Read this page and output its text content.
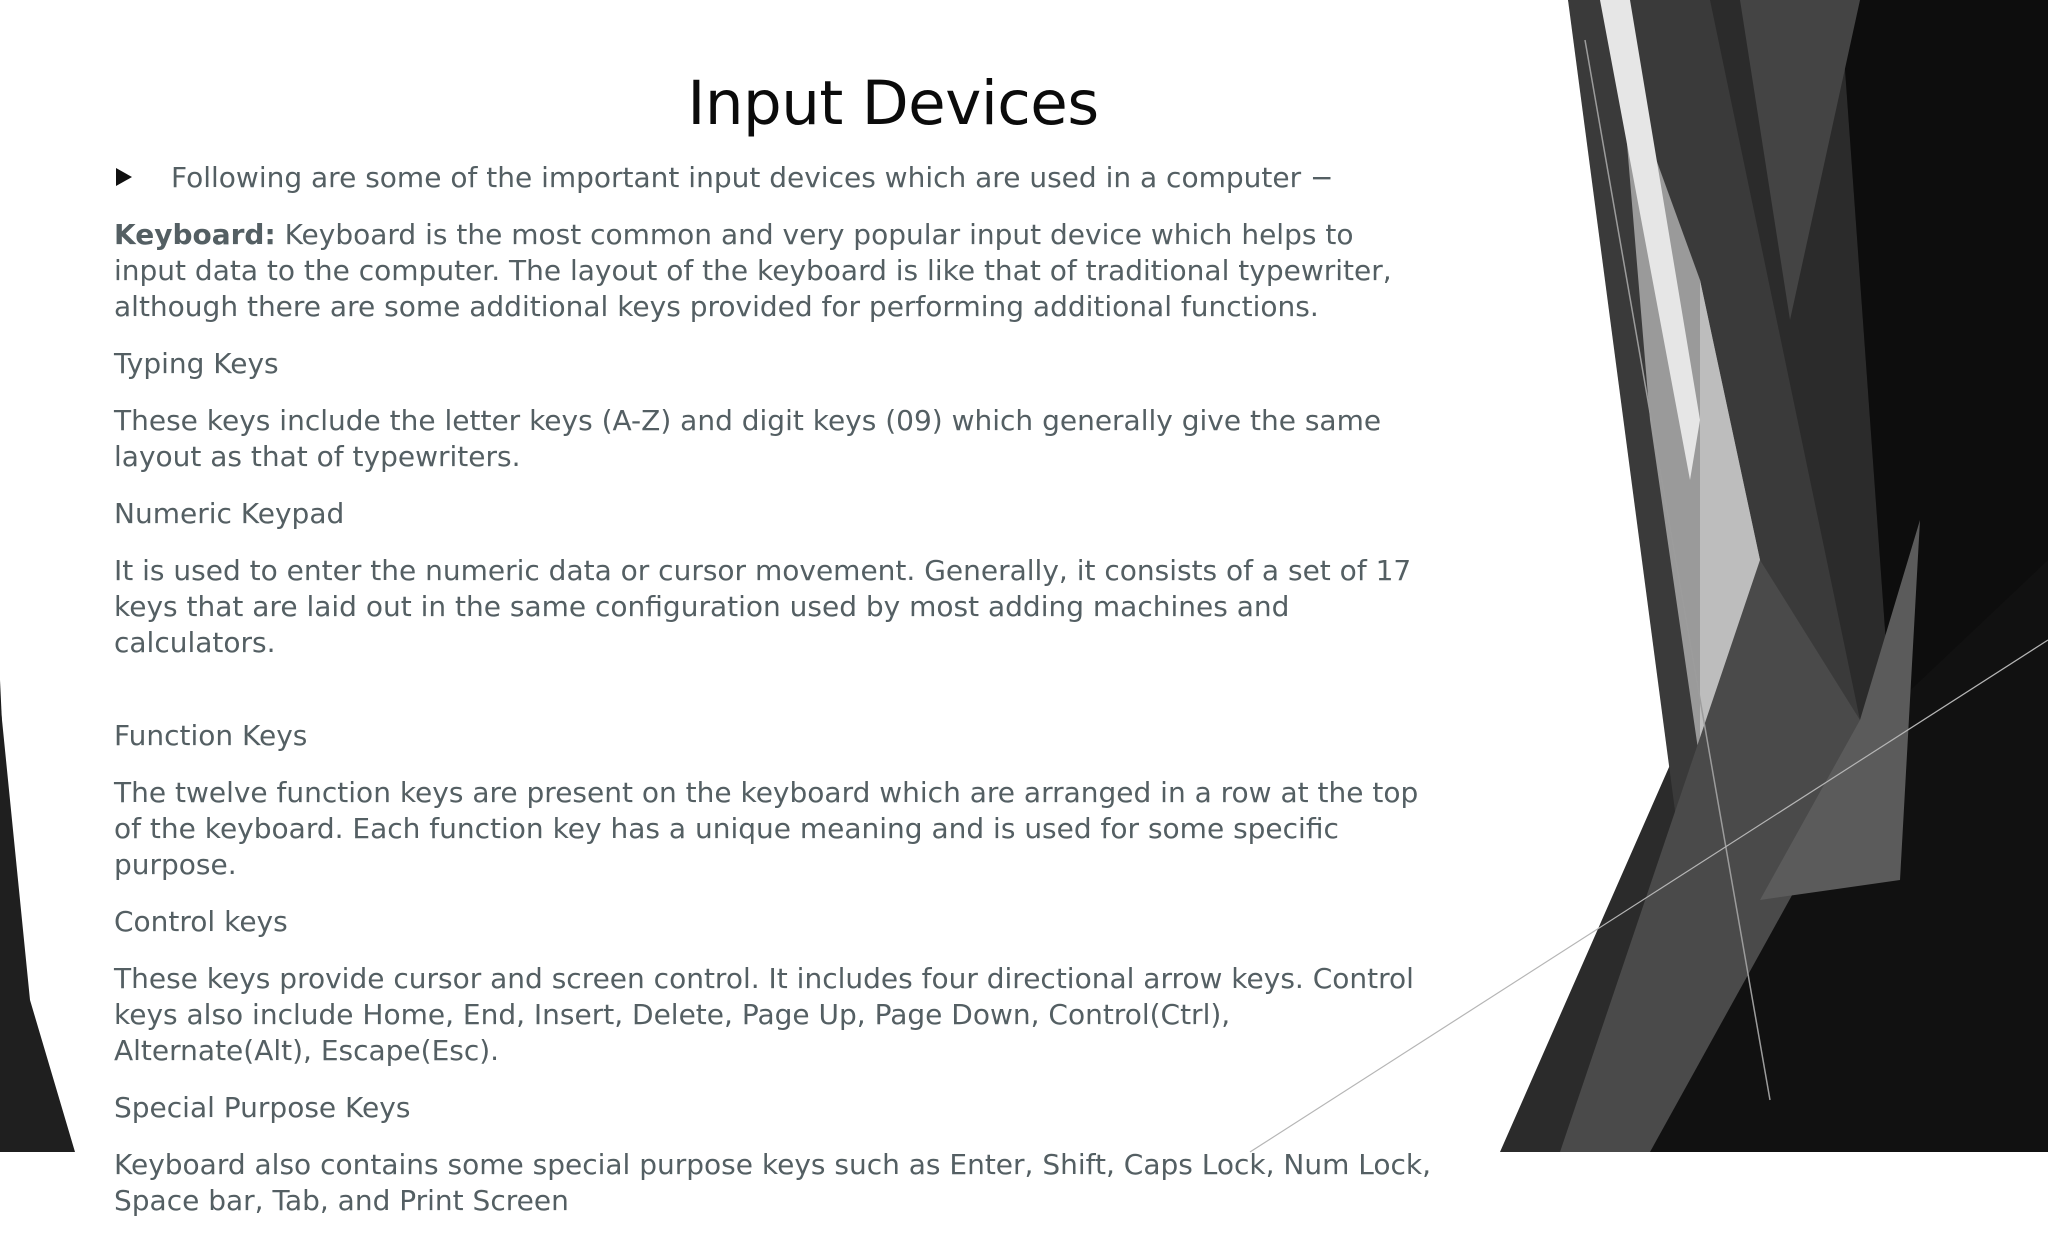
Input Devices
Following are some of the important input devices which are used in a computer −

Keyboard: Keyboard is the most common and very popular input device which helps to input data to the computer. The layout of the keyboard is like that of traditional typewriter, although there are some additional keys provided for performing additional functions.

Typing Keys

These keys include the letter keys (A-Z) and digit keys (09) which generally give the same layout as that of typewriters.

Numeric Keypad

It is used to enter the numeric data or cursor movement. Generally, it consists of a set of 17 keys that are laid out in the same configuration used by most adding machines and calculators.

Function Keys

The twelve function keys are present on the keyboard which are arranged in a row at the top of the keyboard. Each function key has a unique meaning and is used for some specific purpose.

Control keys

These keys provide cursor and screen control. It includes four directional arrow keys. Control keys also include Home, End, Insert, Delete, Page Up, Page Down, Control(Ctrl), Alternate(Alt), Escape(Esc).

Special Purpose Keys

Keyboard also contains some special purpose keys such as Enter, Shift, Caps Lock, Num Lock, Space bar, Tab, and Print Screen
